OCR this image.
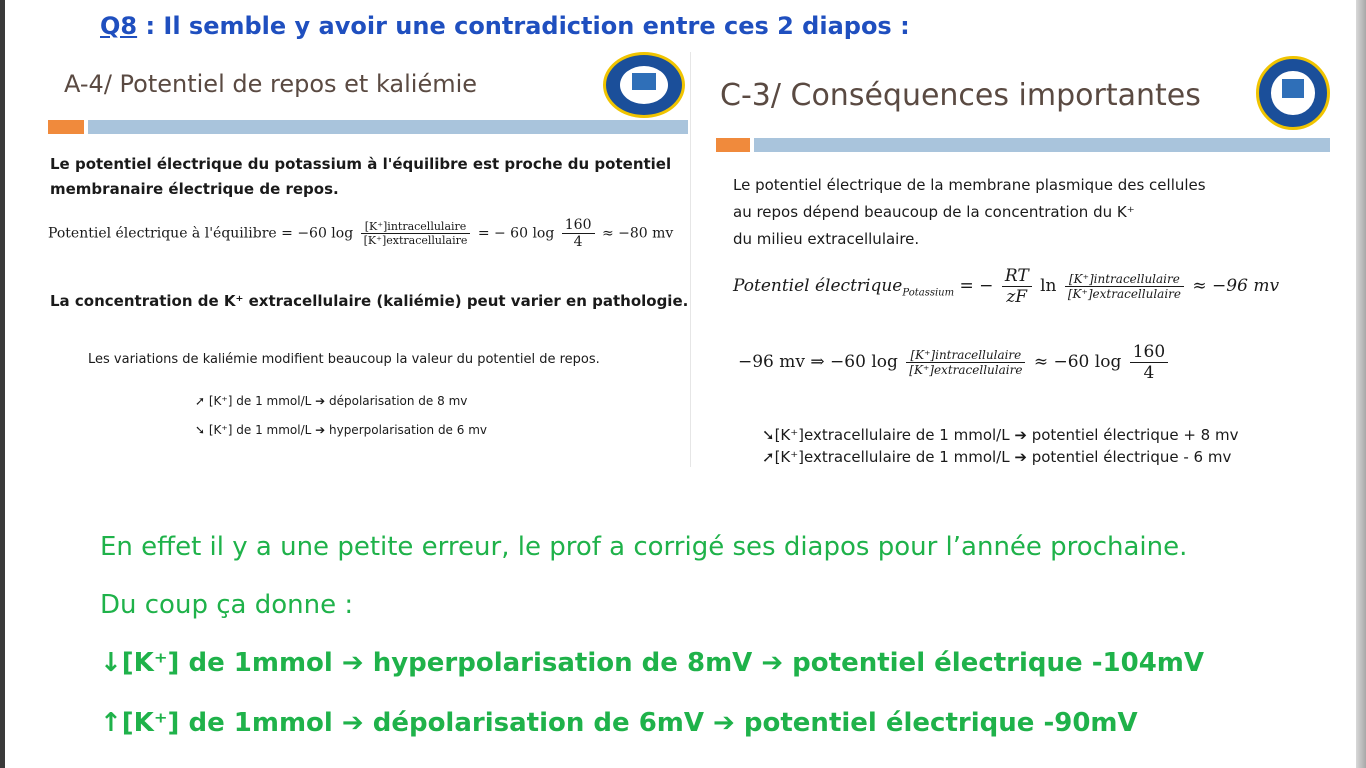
Q8 : Il semble y avoir une contradiction entre ces 2 diapos :
A-4/ Potentiel de repos et kaliémie
Le potentiel électrique du potassium à l'équilibre est proche du potentiel
membranaire électrique de repos.
Potentiel électrique à l'équilibre = −60 $\log \frac{\text{[K⁺]intracellulaire}}{\text{[K⁺]extracellulaire}}$ = − 60 $\log \frac{160}{4} \approx -80$ mv
La concentration de K⁺ extracellulaire (kaliémie) peut varier en pathologie.
Les variations de kaliémie modifient beaucoup la valeur du potentiel de repos.
➚ [K⁺] de 1 mmol/L ➔ dépolarisation de 8 mv
➘ [K⁺] de 1 mmol/L ➔ hyperpolarisation de 6 mv
C-3/ Conséquences importantes
Le potentiel électrique de la membrane plasmique des cellules
au repos dépend beaucoup de la concentration du K⁺
du milieu extracellulaire.
Potentiel électrique$_{Potassium}$ = − $\frac{RT}{zF}$ $\ln \frac{\text{[K⁺]intracellulaire}}{\text{[K⁺]extracellulaire}} \approx -96$ mv
−96 mv ⇒ −60 $\log \frac{\text{[K⁺]intracellulaire}}{\text{[K⁺]extracellulaire}} \approx -60$ $\log \frac{160}{4}$
➘[K⁺]extracellulaire de 1 mmol/L ➔ potentiel électrique + 8 mv
➚[K⁺]extracellulaire de 1 mmol/L ➔ potentiel électrique - 6 mv
En effet il y a une petite erreur, le prof a corrigé ses diapos pour l’année prochaine.
Du coup ça donne :
↓[K⁺] de 1mmol ➔ hyperpolarisation de 8mV ➔ potentiel électrique -104mV
↑[K⁺] de 1mmol ➔ dépolarisation de 6mV ➔ potentiel électrique -90mV
